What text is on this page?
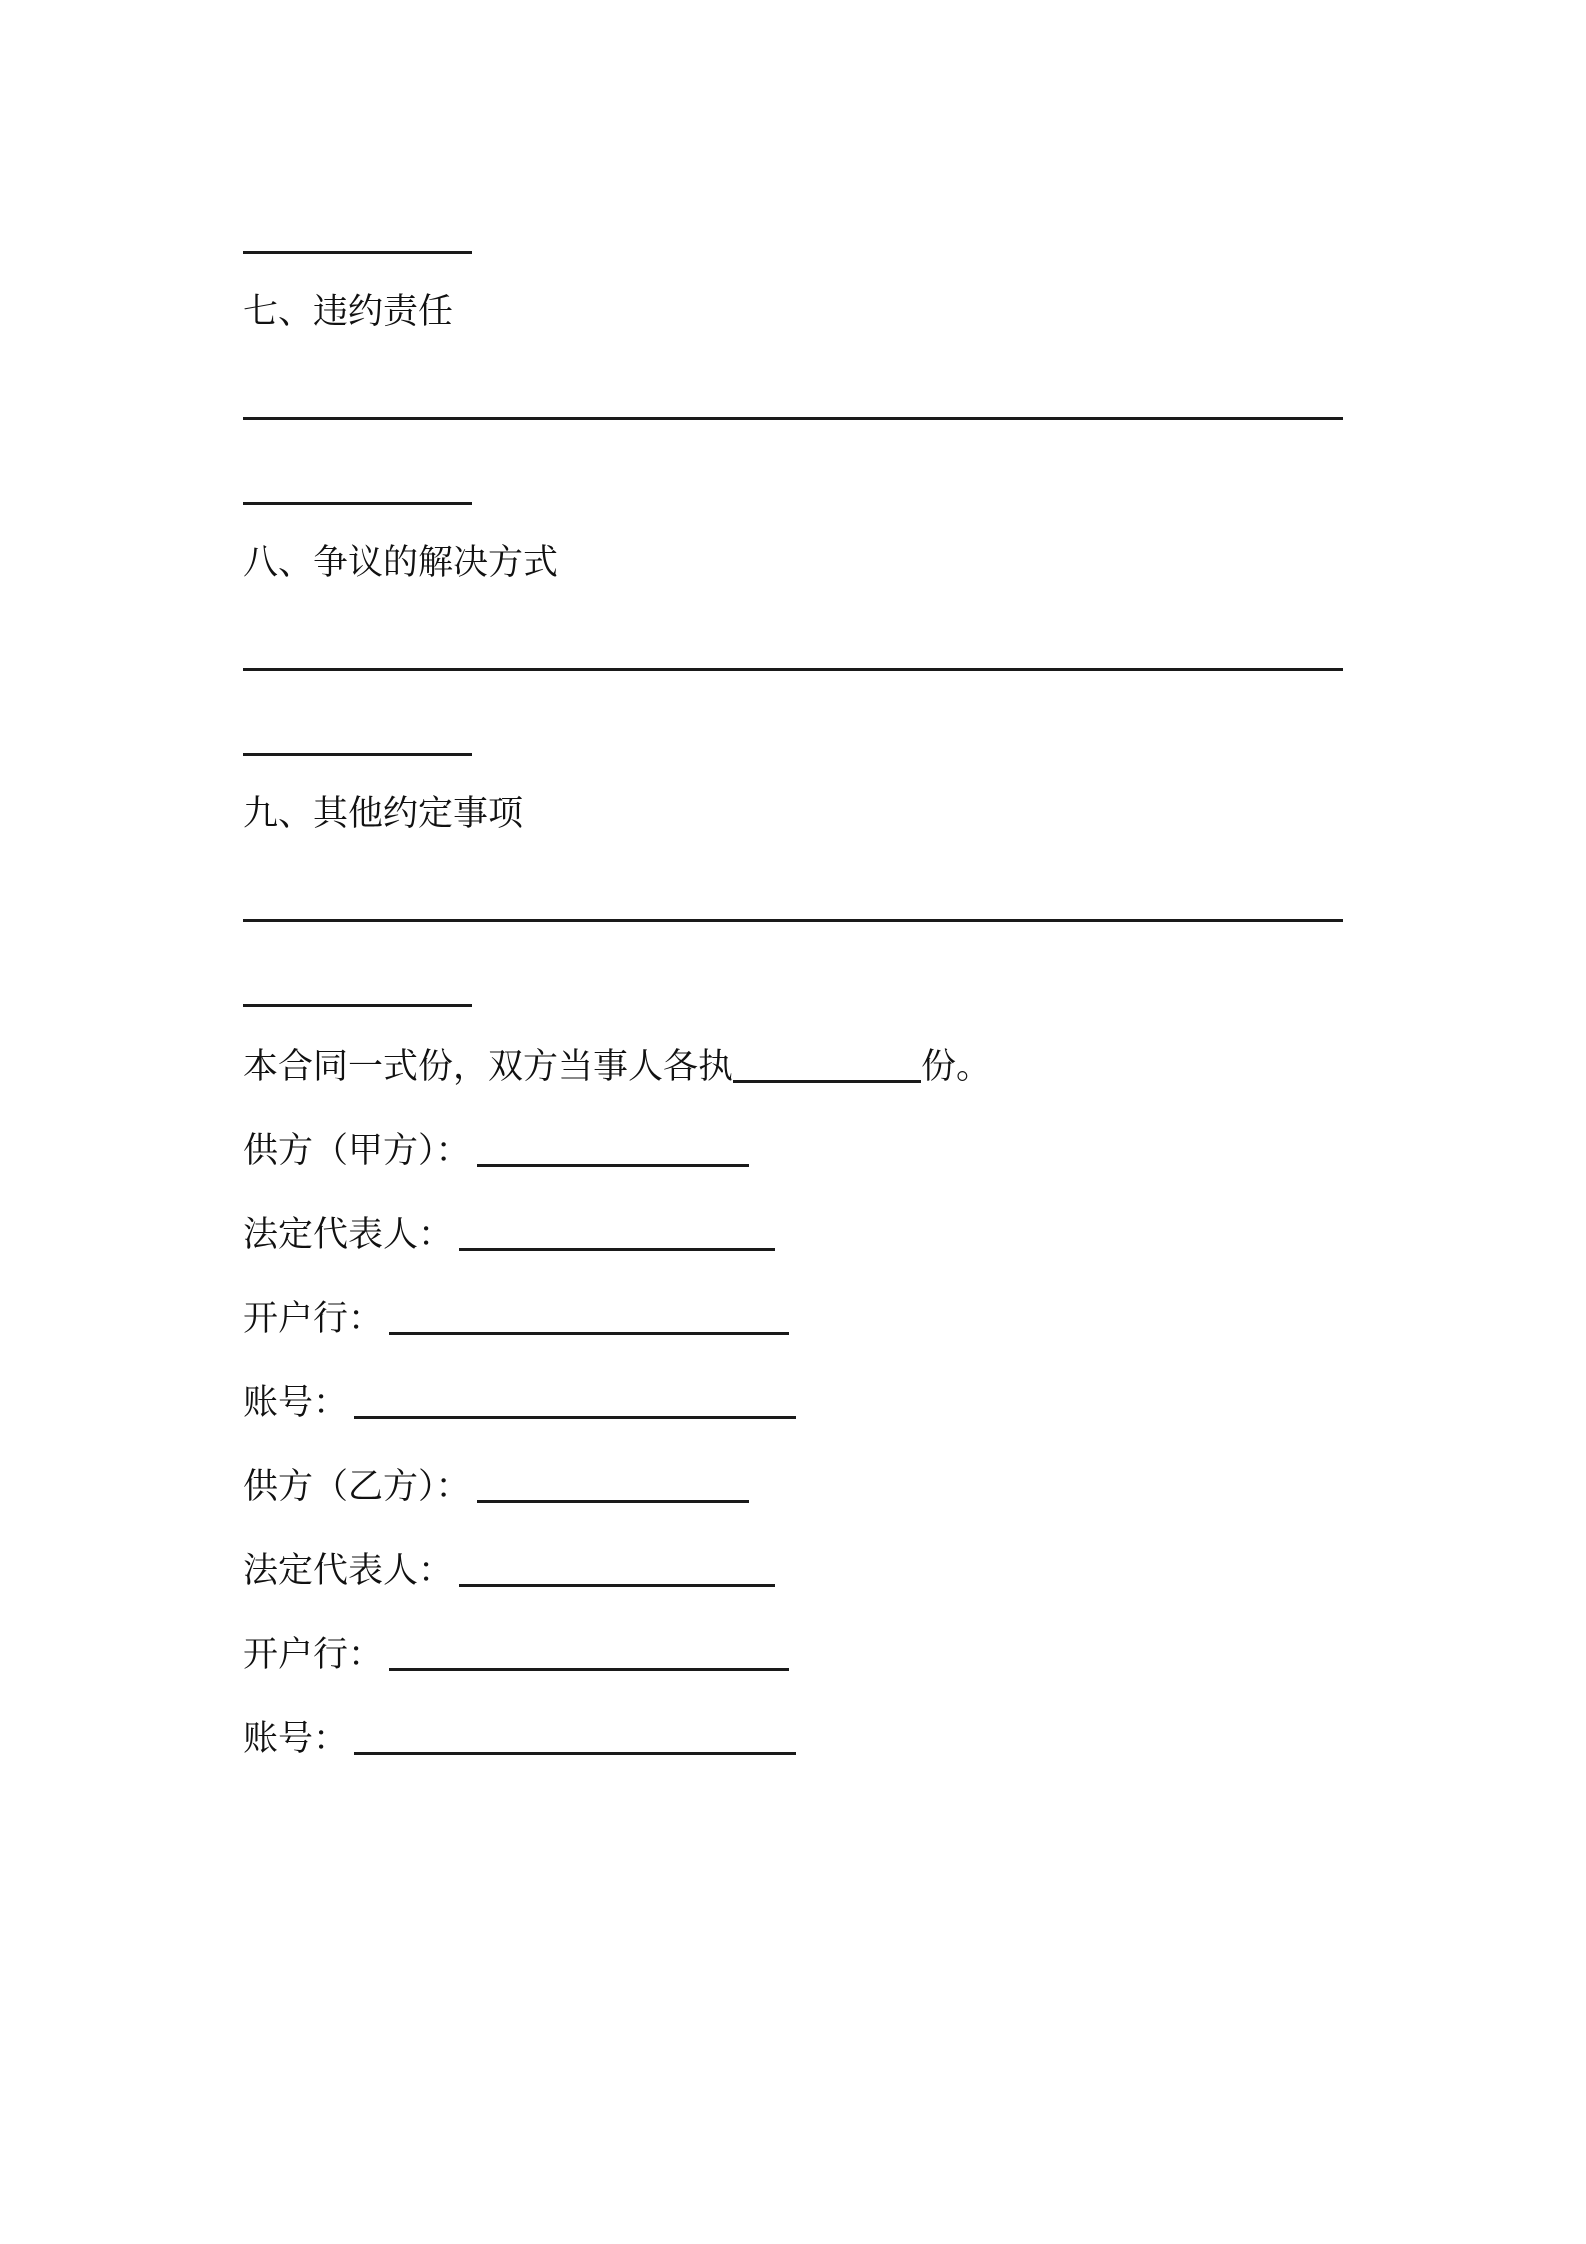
七、违约责任
八、争议的解决方式
九、其他约定事项
本合同一式份，双方当事人各执	份。
供方（甲方）：
法定代表人：
开户行：
账号：
供方（乙方）：
法定代表人：
开户行：
账号：
